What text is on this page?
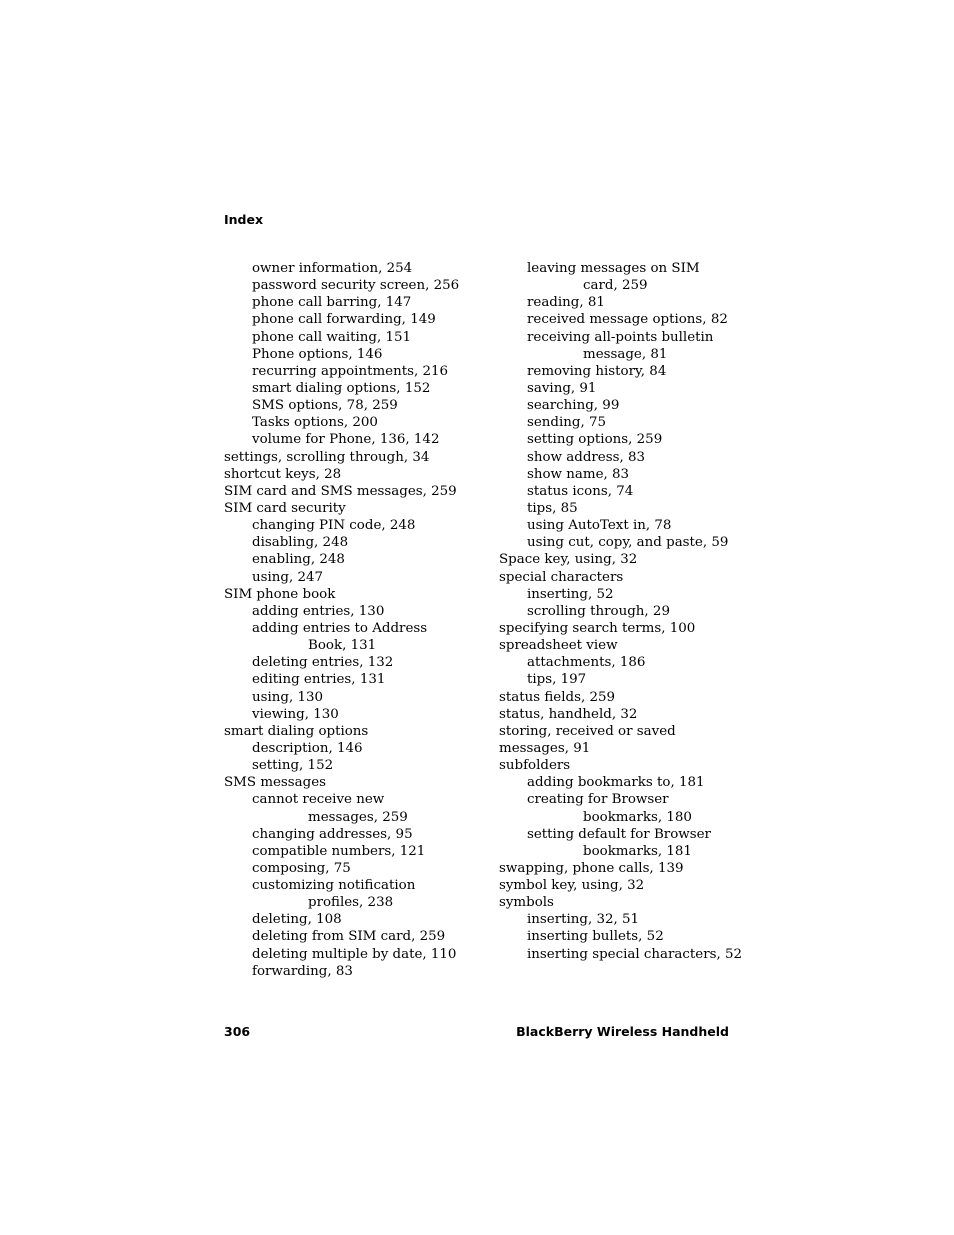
Index
owner information, 254
password security screen, 256
phone call barring, 147
phone call forwarding, 149
phone call waiting, 151
Phone options, 146
recurring appointments, 216
smart dialing options, 152
SMS options, 78, 259
Tasks options, 200
volume for Phone, 136, 142
settings, scrolling through, 34
shortcut keys, 28
SIM card and SMS messages, 259
SIM card security
changing PIN code, 248
disabling, 248
enabling, 248
using, 247
SIM phone book
adding entries, 130
adding entries to Address
Book, 131
deleting entries, 132
editing entries, 131
using, 130
viewing, 130
smart dialing options
description, 146
setting, 152
SMS messages
cannot receive new
messages, 259
changing addresses, 95
compatible numbers, 121
composing, 75
customizing notification
profiles, 238
deleting, 108
deleting from SIM card, 259
deleting multiple by date, 110
forwarding, 83
leaving messages on SIM
card, 259
reading, 81
received message options, 82
receiving all-points bulletin
message, 81
removing history, 84
saving, 91
searching, 99
sending, 75
setting options, 259
show address, 83
show name, 83
status icons, 74
tips, 85
using AutoText in, 78
using cut, copy, and paste, 59
Space key, using, 32
special characters
inserting, 52
scrolling through, 29
specifying search terms, 100
spreadsheet view
attachments, 186
tips, 197
status fields, 259
status, handheld, 32
storing, received or saved
messages, 91
subfolders
adding bookmarks to, 181
creating for Browser
bookmarks, 180
setting default for Browser
bookmarks, 181
swapping, phone calls, 139
symbol key, using, 32
symbols
inserting, 32, 51
inserting bullets, 52
inserting special characters, 52
306	BlackBerry Wireless Handheld
